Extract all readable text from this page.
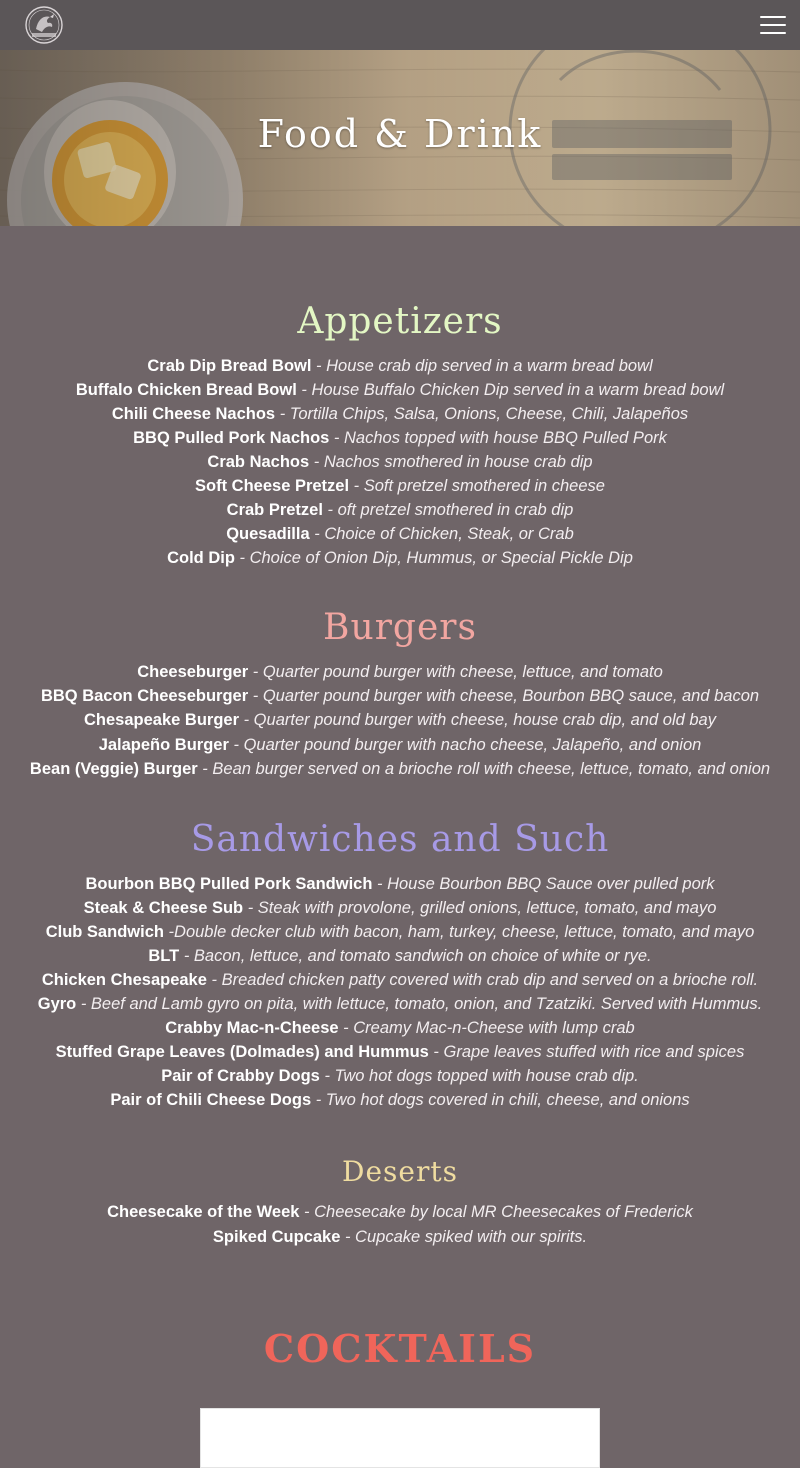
Food & Drink
Appetizers
Crab Dip Bread Bowl - House crab dip served in a warm bread bowl
Buffalo Chicken Bread Bowl - House Buffalo Chicken Dip served in a warm bread bowl
Chili Cheese Nachos - Tortilla Chips, Salsa, Onions, Cheese, Chili, Jalapeños
BBQ Pulled Pork Nachos - Nachos topped with house BBQ Pulled Pork
Crab Nachos - Nachos smothered in house crab dip
Soft Cheese Pretzel - Soft pretzel smothered in cheese
Crab Pretzel - oft pretzel smothered in crab dip
Quesadilla - Choice of Chicken, Steak, or Crab
Cold Dip - Choice of Onion Dip, Hummus, or Special Pickle Dip
Burgers
Cheeseburger - Quarter pound burger with cheese, lettuce, and tomato
BBQ Bacon Cheeseburger - Quarter pound burger with cheese, Bourbon BBQ sauce, and bacon
Chesapeake Burger - Quarter pound burger with cheese, house crab dip, and old bay
Jalapeño Burger - Quarter pound burger with nacho cheese, Jalapeño, and onion
Bean (Veggie) Burger - Bean burger served on a brioche roll with cheese, lettuce, tomato, and onion
Sandwiches and Such
Bourbon BBQ Pulled Pork Sandwich - House Bourbon BBQ Sauce over pulled pork
Steak & Cheese Sub - Steak with provolone, grilled onions, lettuce, tomato, and mayo
Club Sandwich -Double decker club with bacon, ham, turkey, cheese, lettuce, tomato, and mayo
BLT - Bacon, lettuce, and tomato sandwich on choice of white or rye.
Chicken Chesapeake - Breaded chicken patty covered with crab dip and served on a brioche roll.
Gyro - Beef and Lamb gyro on pita, with lettuce, tomato, onion, and Tzatziki. Served with Hummus.
Crabby Mac-n-Cheese - Creamy Mac-n-Cheese with lump crab
Stuffed Grape Leaves (Dolmades) and Hummus - Grape leaves stuffed with rice and spices
Pair of Crabby Dogs - Two hot dogs topped with house crab dip.
Pair of Chili Cheese Dogs - Two hot dogs covered in chili, cheese, and onions
Deserts
Cheesecake of the Week - Cheesecake by local MR Cheesecakes of Frederick
Spiked Cupcake - Cupcake spiked with our spirits.
COCKTAILS
